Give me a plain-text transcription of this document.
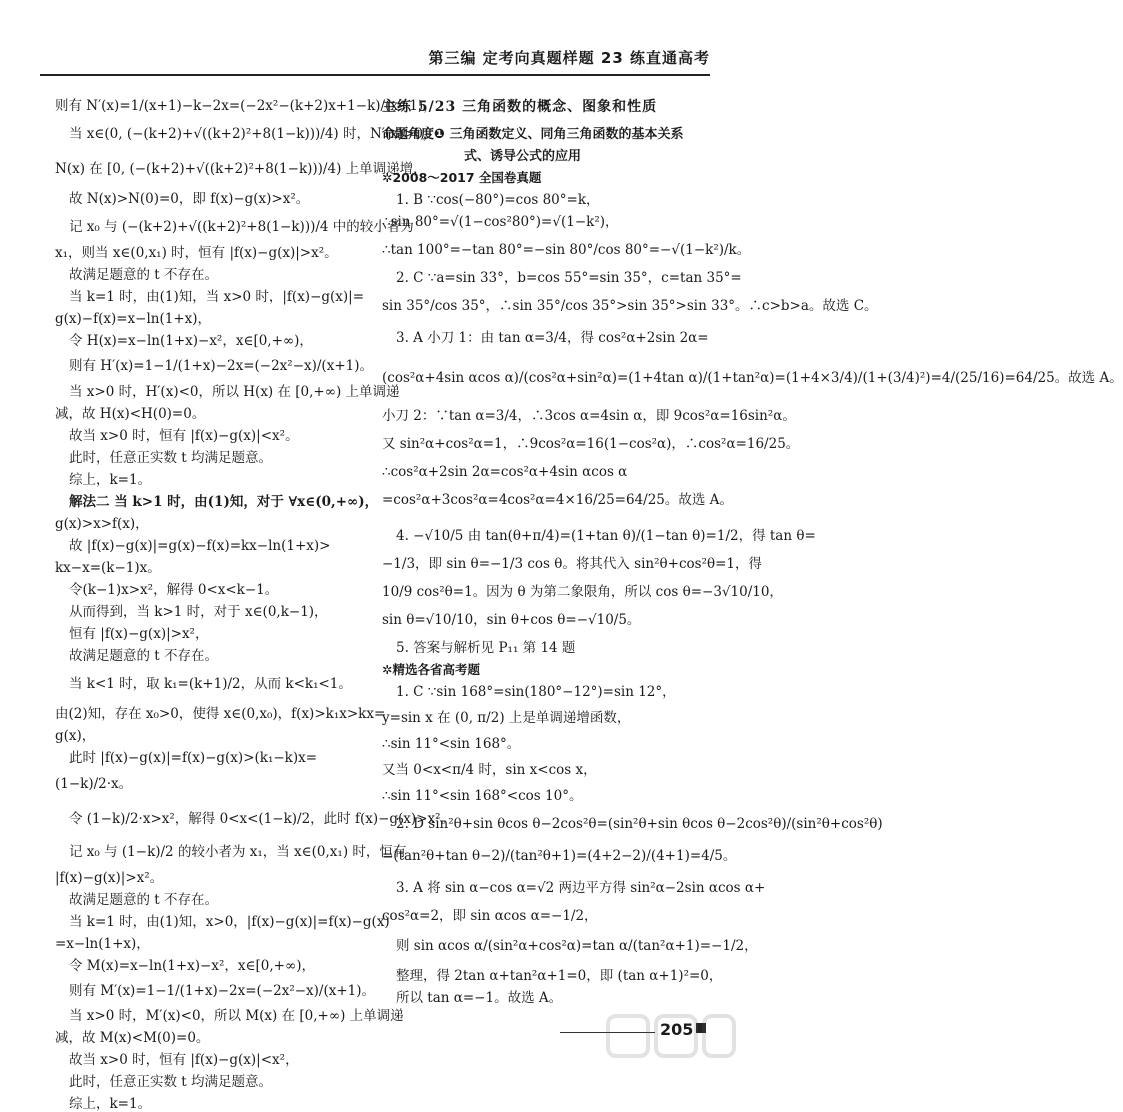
第三编 定考向真题样题 23 练直通高考
则有 N′(x)=1/(x+1)−k−2x=(−2x²−(k+2)x+1−k)/(x+1)，
当 x∈(0, (−(k+2)+√((k+2)²+8(1−k)))/4) 时，N′(x)>0，
N(x) 在 [0, (−(k+2)+√((k+2)²+8(1−k)))/4) 上单调递增，
故 N(x)>N(0)=0，即 f(x)−g(x)>x²。
记 x₀ 与 (−(k+2)+√((k+2)²+8(1−k)))/4 中的较小者为
x₁，则当 x∈(0,x₁) 时，恒有 |f(x)−g(x)|>x²。
故满足题意的 t 不存在。
当 k=1 时，由(1)知，当 x>0 时，|f(x)−g(x)|=
g(x)−f(x)=x−ln(1+x)，
令 H(x)=x−ln(1+x)−x²，x∈[0,+∞)，
则有 H′(x)=1−1/(1+x)−2x=(−2x²−x)/(x+1)。
当 x>0 时，H′(x)<0，所以 H(x) 在 [0,+∞) 上单调递
减，故 H(x)<H(0)=0。
故当 x>0 时，恒有 |f(x)−g(x)|<x²。
此时，任意正实数 t 均满足题意。
综上，k=1。
解法二 当 k>1 时，由(1)知，对于 ∀x∈(0,+∞)，
g(x)>x>f(x)，
故 |f(x)−g(x)|=g(x)−f(x)=kx−ln(1+x)>
kx−x=(k−1)x。
令(k−1)x>x²，解得 0<x<k−1。
从而得到，当 k>1 时，对于 x∈(0,k−1)，
恒有 |f(x)−g(x)|>x²，
故满足题意的 t 不存在。
当 k<1 时，取 k₁=(k+1)/2，从而 k<k₁<1。
由(2)知，存在 x₀>0，使得 x∈(0,x₀)，f(x)>k₁x>kx=
g(x)，
此时 |f(x)−g(x)|=f(x)−g(x)>(k₁−k)x=
(1−k)/2·x。
令 (1−k)/2·x>x²，解得 0<x<(1−k)/2，此时 f(x)−g(x)>x²。
记 x₀ 与 (1−k)/2 的较小者为 x₁，当 x∈(0,x₁) 时，恒有
|f(x)−g(x)|>x²。
故满足题意的 t 不存在。
当 k=1 时，由(1)知，x>0，|f(x)−g(x)|=f(x)−g(x)
=x−ln(1+x)，
令 M(x)=x−ln(1+x)−x²，x∈[0,+∞)，
则有 M′(x)=1−1/(1+x)−2x=(−2x²−x)/(x+1)。
当 x>0 时，M′(x)<0，所以 M(x) 在 [0,+∞) 上单调递
减，故 M(x)<M(0)=0。
故当 x>0 时，恒有 |f(x)−g(x)|<x²，
此时，任意正实数 t 均满足题意。
综上，k=1。
主练 5/23 三角函数的概念、图象和性质
命题角度❶ 三角函数定义、同角三角函数的基本关系
式、诱导公式的应用
✲2008～2017 全国卷真题
1. B ∵cos(−80°)=cos 80°=k，
∴sin 80°=√(1−cos²80°)=√(1−k²)，
∴tan 100°=−tan 80°=−sin 80°/cos 80°=−√(1−k²)/k。
2. C ∵a=sin 33°，b=cos 55°=sin 35°，c=tan 35°=
sin 35°/cos 35°，∴sin 35°/cos 35°>sin 35°>sin 33°。∴c>b>a。故选 C。
3. A 小刀 1：由 tan α=3/4，得 cos²α+2sin 2α=
(cos²α+4sin αcos α)/(cos²α+sin²α)=(1+4tan α)/(1+tan²α)=(1+4×3/4)/(1+(3/4)²)=4/(25/16)=64/25。故选 A。
小刀 2：∵tan α=3/4，∴3cos α=4sin α，即 9cos²α=16sin²α。
又 sin²α+cos²α=1，∴9cos²α=16(1−cos²α)，∴cos²α=16/25。
∴cos²α+2sin 2α=cos²α+4sin αcos α
=cos²α+3cos²α=4cos²α=4×16/25=64/25。故选 A。
4. −√10/5 由 tan(θ+π/4)=(1+tan θ)/(1−tan θ)=1/2，得 tan θ=
−1/3，即 sin θ=−1/3 cos θ。将其代入 sin²θ+cos²θ=1，得
10/9 cos²θ=1。因为 θ 为第二象限角，所以 cos θ=−3√10/10，
sin θ=√10/10，sin θ+cos θ=−√10/5。
5. 答案与解析见 P₁₁ 第 14 题
✲精选各省高考题
1. C ∵sin 168°=sin(180°−12°)=sin 12°，
y=sin x 在 (0, π/2) 上是单调递增函数，
∴sin 11°<sin 168°。
又当 0<x<π/4 时，sin x<cos x，
∴sin 11°<sin 168°<cos 10°。
2. D sin²θ+sin θcos θ−2cos²θ=(sin²θ+sin θcos θ−2cos²θ)/(sin²θ+cos²θ)
=(tan²θ+tan θ−2)/(tan²θ+1)=(4+2−2)/(4+1)=4/5。
3. A 将 sin α−cos α=√2 两边平方得 sin²α−2sin αcos α+
cos²α=2，即 sin αcos α=−1/2，
则 sin αcos α/(sin²α+cos²α)=tan α/(tan²α+1)=−1/2，
整理，得 2tan α+tan²α+1=0，即 (tan α+1)²=0，
所以 tan α=−1。故选 A。
205
